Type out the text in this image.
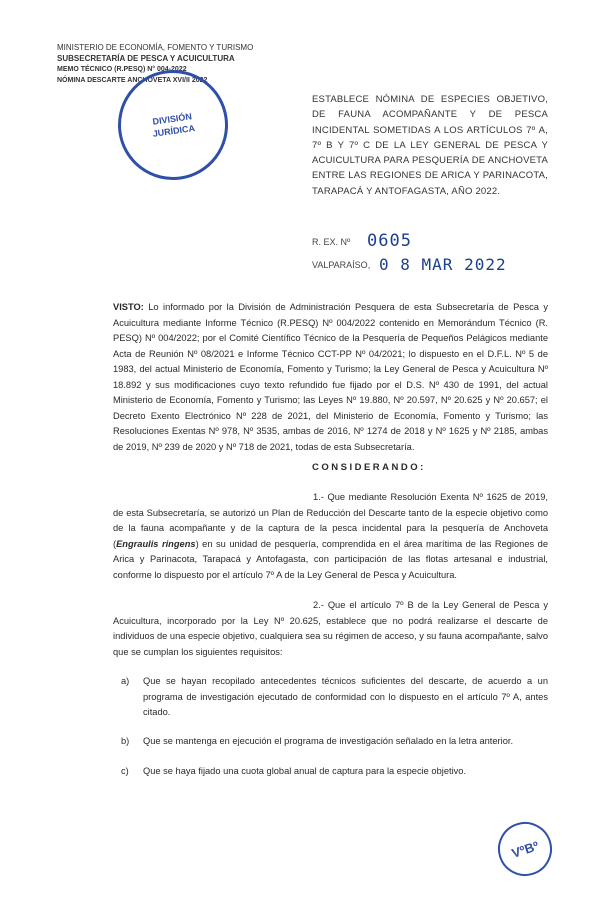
MINISTERIO DE ECONOMÍA, FOMENTO Y TURISMO
SUBSECRETARÍA DE PESCA Y ACUICULTURA
MEMO TÉCNICO (R.PESQ) N° 004-2022
NÓMINA DESCARTE ANCHOVETA XVI/II 2022
DIVISIÓN
JURÍDICA
ESTABLECE NÓMINA DE ESPECIES OBJETIVO, DE FAUNA ACOMPAÑANTE Y DE PESCA INCIDENTAL SOMETIDAS A LOS ARTÍCULOS 7º A, 7º B Y 7º C DE LA LEY GENERAL DE PESCA Y ACUICULTURA PARA PESQUERÍA DE ANCHOVETA ENTRE LAS REGIONES DE ARICA Y PARINACOTA, TARAPACÁ Y ANTOFAGASTA, AÑO 2022.
R. EX. Nº 0605
VALPARAÍSO, 0 8 MAR 2022
VISTO: Lo informado por la División de Administración Pesquera de esta Subsecretaría de Pesca y Acuicultura mediante Informe Técnico (R.PESQ) Nº 004/2022 contenido en Memorándum Técnico (R. PESQ) Nº 004/2022; por el Comité Científico Técnico de la Pesquería de Pequeños Pelágicos mediante Acta de Reunión Nº 08/2021 e Informe Técnico CCT-PP Nº 04/2021; lo dispuesto en el D.F.L. Nº 5 de 1983, del actual Ministerio de Economía, Fomento y Turismo; la Ley General de Pesca y Acuicultura Nº 18.892 y sus modificaciones cuyo texto refundido fue fijado por el D.S. Nº 430 de 1991, del actual Ministerio de Economía, Fomento y Turismo; las Leyes Nº 19.880, Nº 20.597, Nº 20.625 y Nº 20.657; el Decreto Exento Electrónico Nº 228 de 2021, del Ministerio de Economía, Fomento y Turismo; las Resoluciones Exentas Nº 978, Nº 3535, ambas de 2016, Nº 1274 de 2018 y Nº 1625 y Nº 2185, ambas de 2019, Nº 239 de 2020 y Nº 718 de 2021, todas de esta Subsecretaría.
CONSIDERANDO:
1.- Que mediante Resolución Exenta Nº 1625 de 2019, de esta Subsecretaría, se autorizó un Plan de Reducción del Descarte tanto de la especie objetivo como de la fauna acompañante y de la captura de la pesca incidental para la pesquería de Anchoveta (Engraulis ringens) en su unidad de pesquería, comprendida en el área marítima de las Regiones de Arica y Parinacota, Tarapacá y Antofagasta, con participación de las flotas artesanal e industrial, conforme lo dispuesto por el artículo 7º A de la Ley General de Pesca y Acuicultura.
2.- Que el artículo 7º B de la Ley General de Pesca y Acuicultura, incorporado por la Ley Nº 20.625, establece que no podrá realizarse el descarte de individuos de una especie objetivo, cualquiera sea su régimen de acceso, y su fauna acompañante, salvo que se cumplan los siguientes requisitos:
a) Que se hayan recopilado antecedentes técnicos suficientes del descarte, de acuerdo a un programa de investigación ejecutado de conformidad con lo dispuesto en el artículo 7º A, antes citado.
b) Que se mantenga en ejecución el programa de investigación señalado en la letra anterior.
c) Que se haya fijado una cuota global anual de captura para la especie objetivo.
VºBº
